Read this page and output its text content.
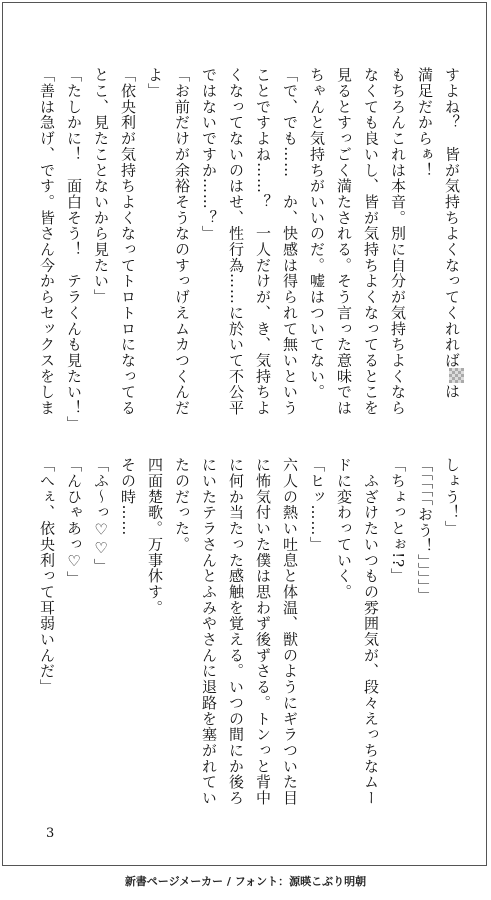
すよね？　皆が気持ちよくなってくれればは
満足だからぁ！
もちろんこれは本音。別に自分が気持ちよくなら
なくても良いし、皆が気持ちよくなってるとこを
見るとすっごく満たされる。そう言った意味では
ちゃんと気持ちがいいのだ。嘘はついてない。
「で、でも……　か、快感は得られて無いという
ことですよね……？　一人だけが、き、気持ちよ
くなってないのはせ、性行為……に於いて不公平
ではないですか……？」
「お前だけが余裕そうなのすっげえムカつくんだ
よ」
「依央利が気持ちよくなってトロトロになってる
とこ、見たことないから見たい」
「たしかに！　面白そう！　テラくんも見たい！」
「善は急げ、です。皆さん今からセックスをしま
しょう！」
「「「「「おう！」」」」」
「ちょっとぉ!?」
　ふざけたいつもの雰囲気が、段々えっちなムー
ドに変わっていく。
「ヒッ……」
六人の熱い吐息と体温、獣のようにギラついた目
に怖気付いた僕は思わず後ずさる。トンっと背中
に何か当たった感触を覚える。いつの間にか後ろ
にいたテラさんとふみやさんに退路を塞がれてい
たのだった。
四面楚歌。万事休す。
その時……
「ふ〜っ♡♡」
「んひゃあっ♡」
「へぇ、依央利って耳弱いんだ」
3
新書ページメーカー / フォント：源暎こぶり明朝
